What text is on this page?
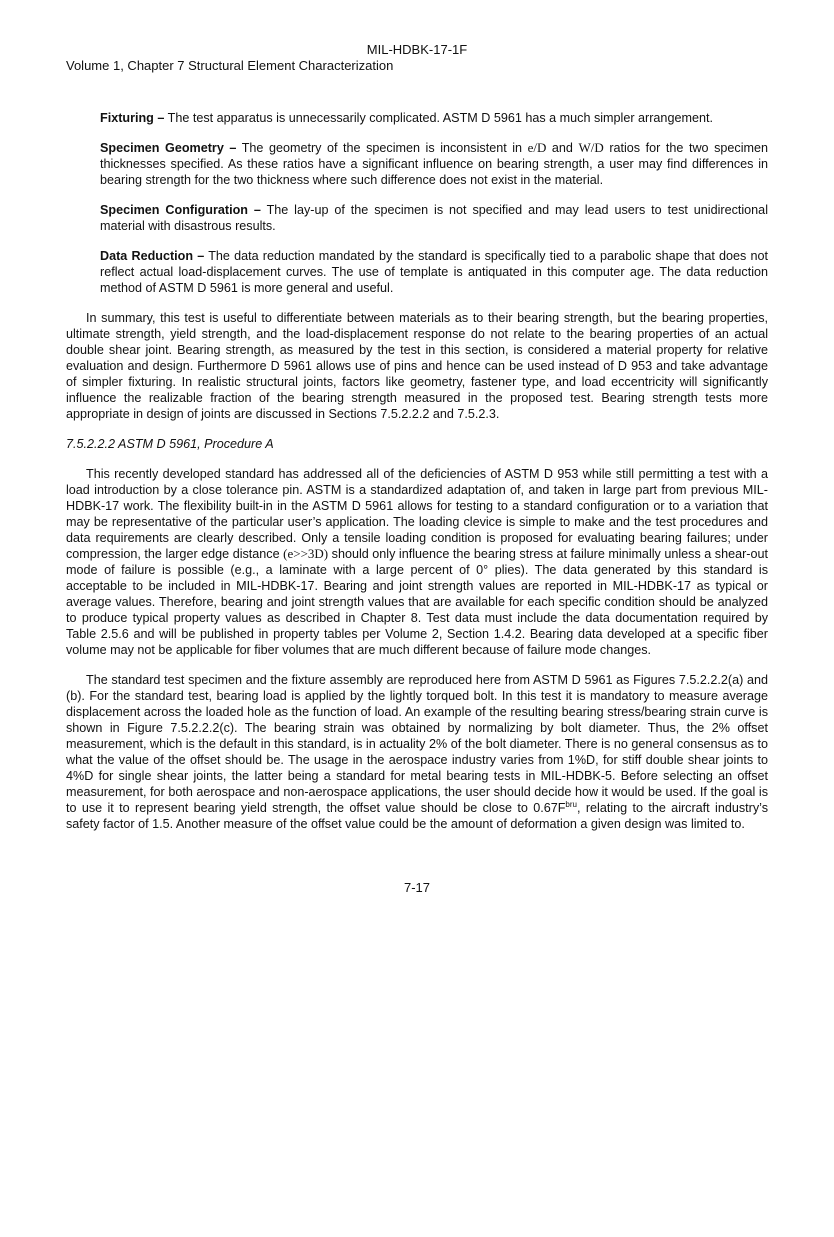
MIL-HDBK-17-1F
Volume 1, Chapter 7 Structural Element Characterization

Fixturing – The test apparatus is unnecessarily complicated. ASTM D 5961 has a much simpler arrangement.

Specimen Geometry – The geometry of the specimen is inconsistent in e/D and W/D ratios for the two specimen thicknesses specified. As these ratios have a significant influence on bearing strength, a user may find differences in bearing strength for the two thickness where such difference does not exist in the material.

Specimen Configuration – The lay-up of the specimen is not specified and may lead users to test unidirectional material with disastrous results.

Data Reduction – The data reduction mandated by the standard is specifically tied to a parabolic shape that does not reflect actual load-displacement curves. The use of template is antiquated in this computer age. The data reduction method of ASTM D 5961 is more general and useful.

In summary, this test is useful to differentiate between materials as to their bearing strength, but the bearing properties, ultimate strength, yield strength, and the load-displacement response do not relate to the bearing properties of an actual double shear joint. Bearing strength, as measured by the test in this section, is considered a material property for relative evaluation and design. Furthermore D 5961 allows use of pins and hence can be used instead of D 953 and take advantage of simpler fixturing. In realistic structural joints, factors like geometry, fastener type, and load eccentricity will significantly influence the realizable fraction of the bearing strength measured in the proposed test. Bearing strength tests more appropriate in design of joints are discussed in Sections 7.5.2.2.2 and 7.5.2.3.

7.5.2.2.2 ASTM D 5961, Procedure A

This recently developed standard has addressed all of the deficiencies of ASTM D 953 while still permitting a test with a load introduction by a close tolerance pin. ASTM is a standardized adaptation of, and taken in large part from previous MIL-HDBK-17 work. The flexibility built-in in the ASTM D 5961 allows for testing to a standard configuration or to a variation that may be representative of the particular user’s application. The loading clevice is simple to make and the test procedures and data requirements are clearly described. Only a tensile loading condition is proposed for evaluating bearing failures; under compression, the larger edge distance (e>>3D) should only influence the bearing stress at failure minimally unless a shear-out mode of failure is possible (e.g., a laminate with a large percent of 0° plies). The data generated by this standard is acceptable to be included in MIL-HDBK-17. Bearing and joint strength values are reported in MIL-HDBK-17 as typical or average values. Therefore, bearing and joint strength values that are available for each specific condition should be analyzed to produce typical property values as described in Chapter 8. Test data must include the data documentation required by Table 2.5.6 and will be published in property tables per Volume 2, Section 1.4.2. Bearing data developed at a specific fiber volume may not be applicable for fiber volumes that are much different because of failure mode changes.

The standard test specimen and the fixture assembly are reproduced here from ASTM D 5961 as Figures 7.5.2.2.2(a) and (b). For the standard test, bearing load is applied by the lightly torqued bolt. In this test it is mandatory to measure average displacement across the loaded hole as the function of load. An example of the resulting bearing stress/bearing strain curve is shown in Figure 7.5.2.2.2(c). The bearing strain was obtained by normalizing by bolt diameter. Thus, the 2% offset measurement, which is the default in this standard, is in actuality 2% of the bolt diameter. There is no general consensus as to what the value of the offset should be. The usage in the aerospace industry varies from 1%D, for stiff double shear joints to 4%D for single shear joints, the latter being a standard for metal bearing tests in MIL-HDBK-5. Before selecting an offset measurement, for both aerospace and non-aerospace applications, the user should decide how it would be used. If the goal is to use it to represent bearing yield strength, the offset value should be close to $0.67F^{bru}$, relating to the aircraft industry’s safety factor of 1.5. Another measure of the offset value could be the amount of deformation a given design was limited to.

7-17
